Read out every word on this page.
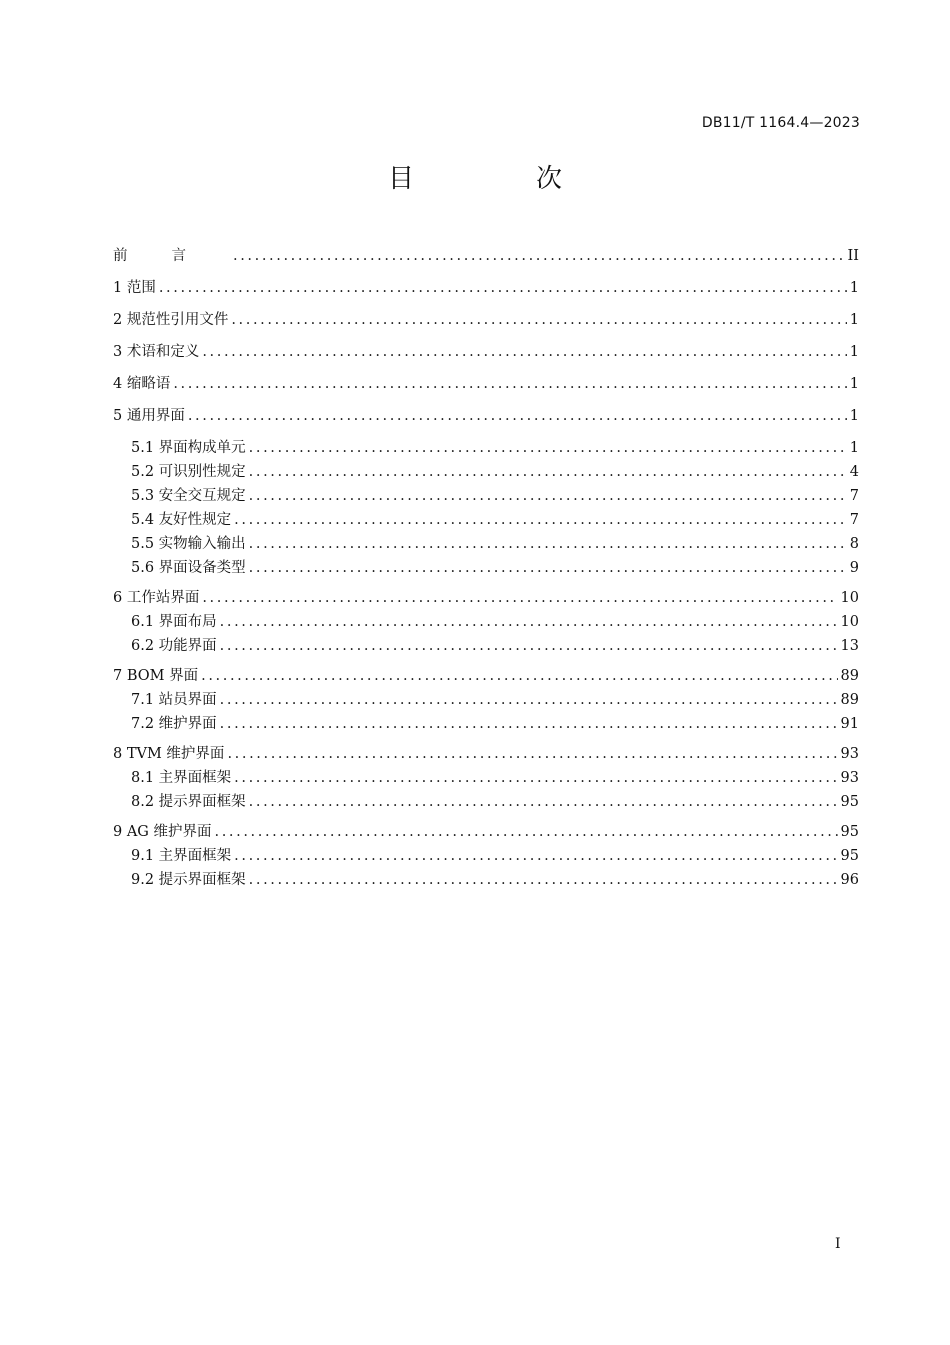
DB11/T 1164.4—2023
目　次
前言 .....	II
1 范围 .....	1
2 规范性引用文件 .....	1
3 术语和定义 .....	1
4 缩略语 .....	1
5 通用界面 .....	1
5.1 界面构成单元 .....	1
5.2 可识别性规定 .....	4
5.3 安全交互规定 .....	7
5.4 友好性规定 .....	7
5.5 实物输入输出 .....	8
5.6 界面设备类型 .....	9
6 工作站界面 .....	10
6.1 界面布局 .....	10
6.2 功能界面 .....	13
7 BOM 界面 .....	89
7.1 站员界面 .....	89
7.2 维护界面 .....	91
8 TVM 维护界面 .....	93
8.1 主界面框架 .....	93
8.2 提示界面框架 .....	95
9 AG 维护界面 .....	95
9.1 主界面框架 .....	95
9.2 提示界面框架 .....	96
I
